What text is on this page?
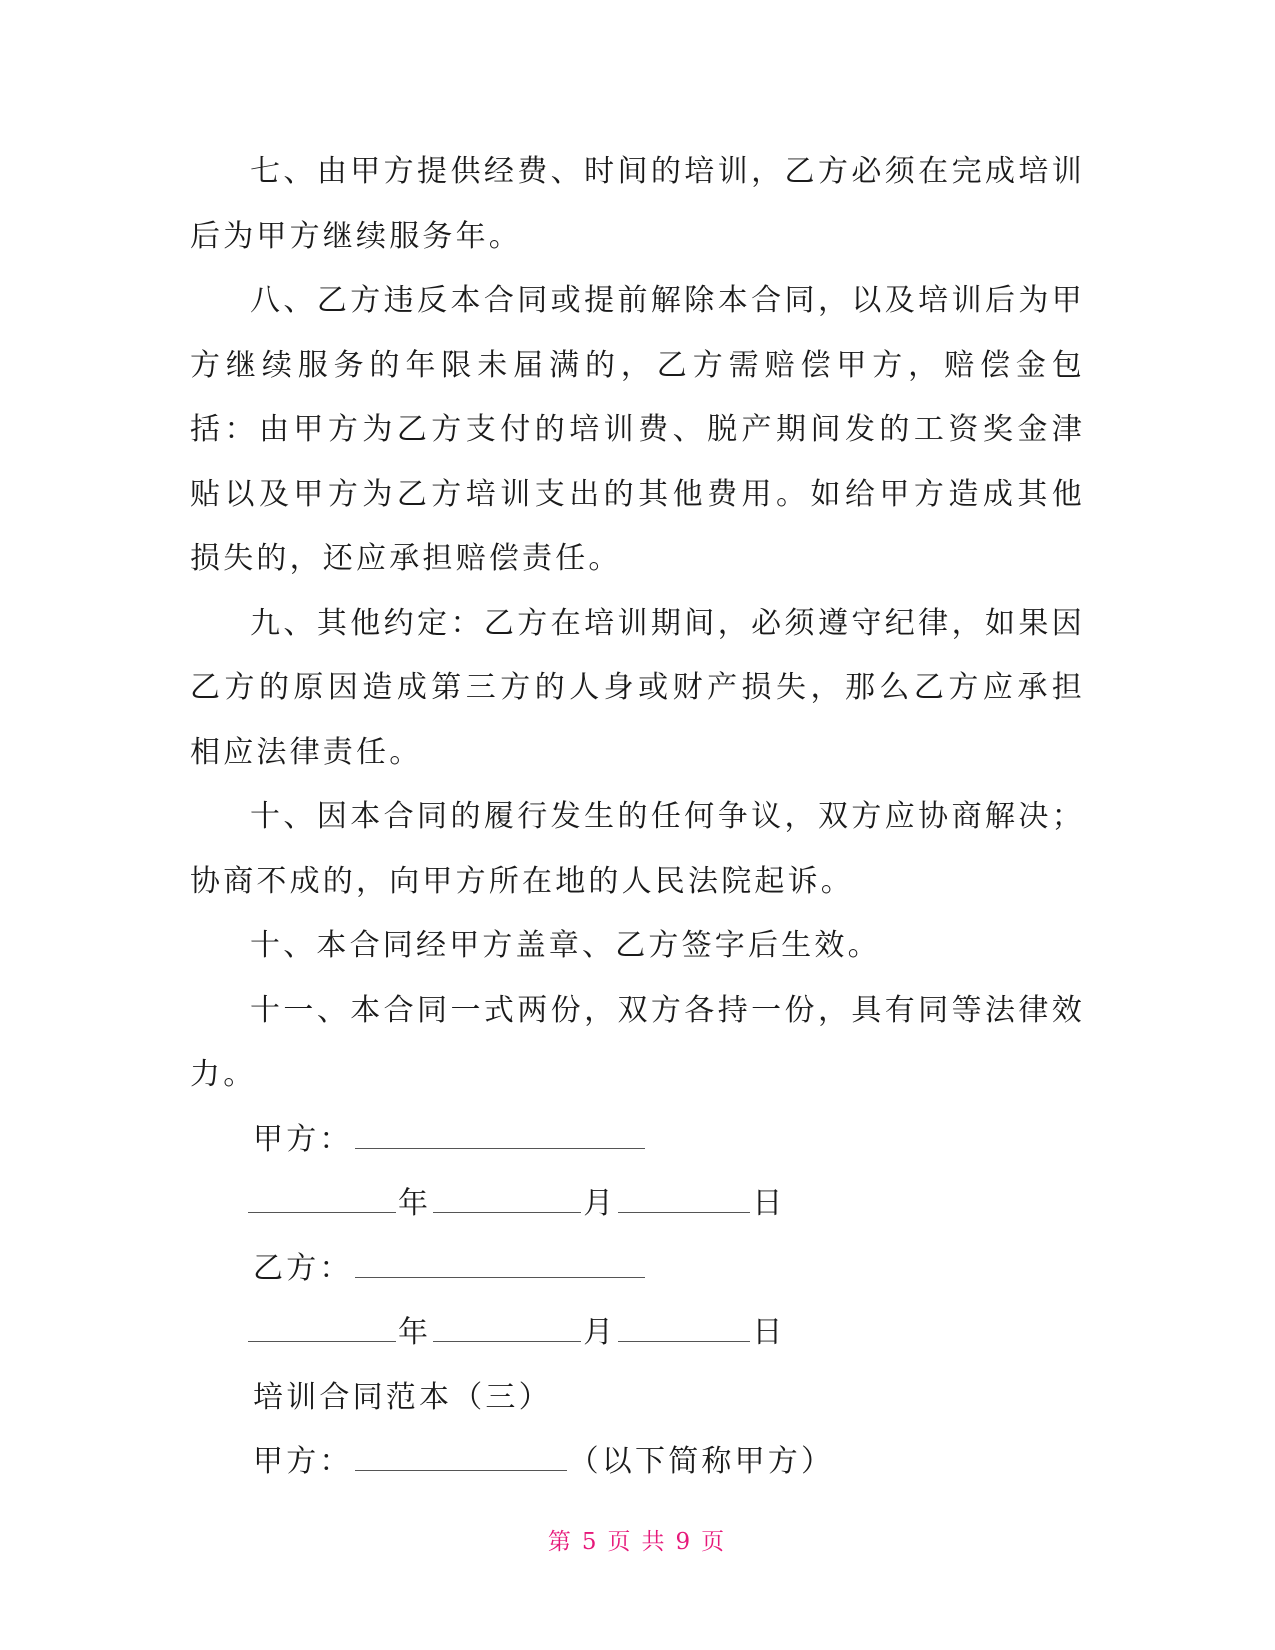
七、由甲方提供经费、时间的培训，乙方必须在完成培训后为甲方继续服务年。

八、乙方违反本合同或提前解除本合同，以及培训后为甲方继续服务的年限未届满的，乙方需赔偿甲方，赔偿金包括：由甲方为乙方支付的培训费、脱产期间发的工资奖金津贴以及甲方为乙方培训支出的其他费用。如给甲方造成其他损失的，还应承担赔偿责任。

九、其他约定：乙方在培训期间，必须遵守纪律，如果因乙方的原因造成第三方的人身或财产损失，那么乙方应承担相应法律责任。

十、因本合同的履行发生的任何争议，双方应协商解决；协商不成的，向甲方所在地的人民法院起诉。

十、本合同经甲方盖章、乙方签字后生效。

十一、本合同一式两份，双方各持一份，具有同等法律效力。

甲方：

年	月	日

乙方：

年	月	日

培训合同范本（三）

甲方：	（以下简称甲方）

第 5 页 共 9 页
